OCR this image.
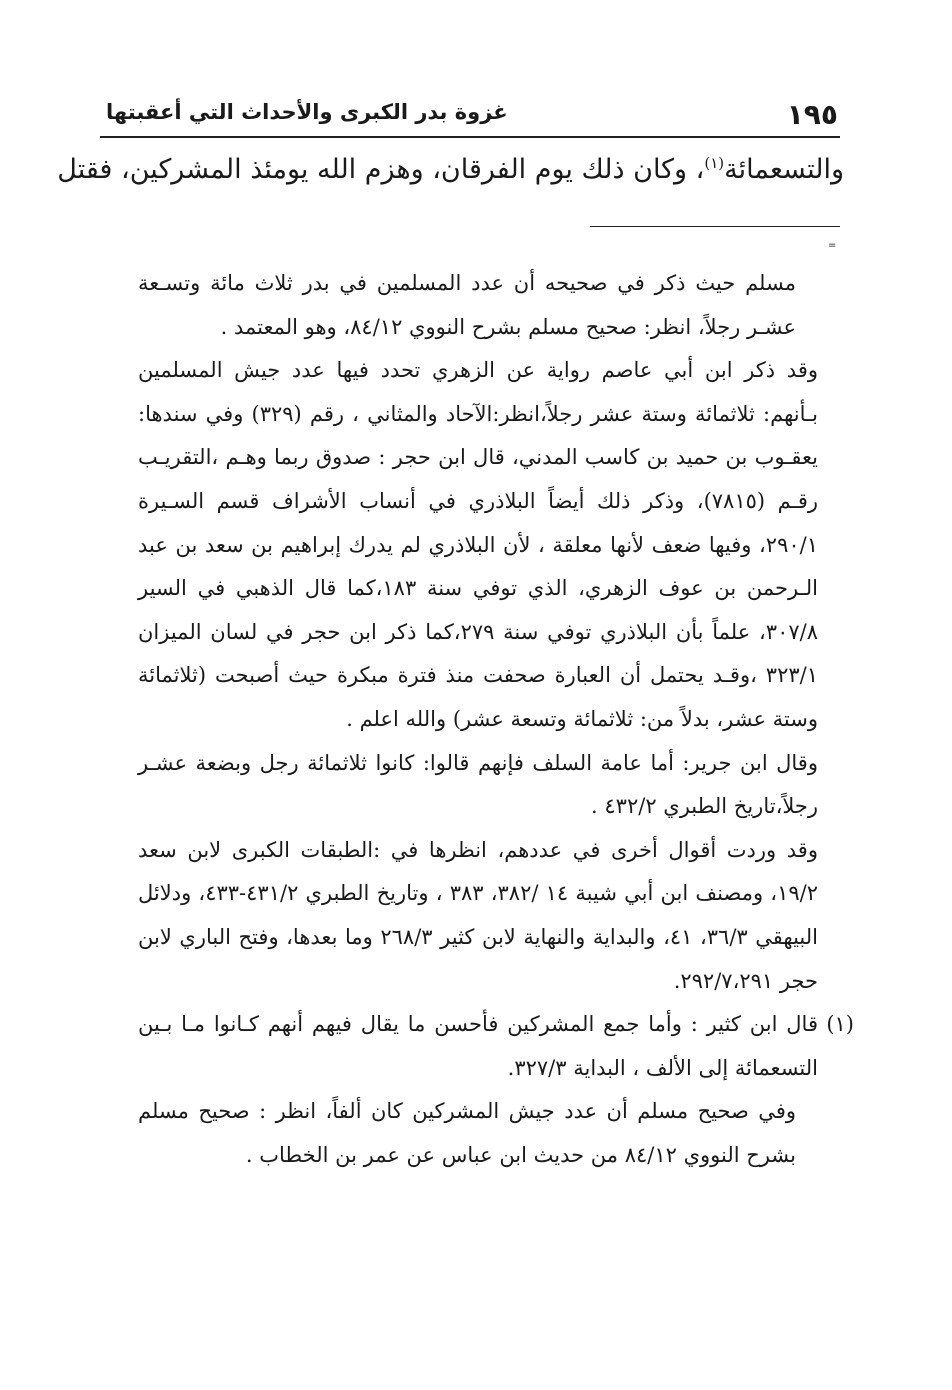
١٩٥
غزوة بدر الكبرى والأحداث التي أعقبتها
والتسعمائة$^{(١)}$، وكان ذلك يوم الفرقان، وهزم الله يومئذ المشركين، فقتل
=

مسلم حيث ذكر في صحيحه أن عدد المسلمين في بدر ثلاث مائة وتسـعة عشـر رجلاً، انظر: صحيح مسلم بشرح النووي ٨٤/١٢، وهو المعتمد .

وقد ذكر ابن أبي عاصم رواية عن الزهري تحدد فيها عدد جيش المسلمين بـأنهم: ثلاثمائة وستة عشر رجلاً،انظر:الآحاد والمثاني ، رقم (٣٢٩) وفي سندها: يعقـوب بن حميد بن كاسب المدني، قال ابن حجر : صدوق ربما وهـم ،التقريـب رقـم (٧٨١٥)، وذكر ذلك أيضاً البلاذري في أنساب الأشراف قسم السـيرة ٢٩٠/١، وفيها ضعف لأنها معلقة ، لأن البلاذري لم يدرك إبراهيم بن سعد بن عبد الـرحمن بن عوف الزهري، الذي توفي سنة ١٨٣،كما قال الذهبي في السير ٣٠٧/٨، علماً بأن البلاذري توفي سنة ٢٧٩،كما ذكر ابن حجر في لسان الميزان ٣٢٣/١ ،وقـد يحتمل أن العبارة صحفت منذ فترة مبكرة حيث أصبحت (ثلاثمائة وستة عشر، بدلاً من: ثلاثمائة وتسعة عشر) والله اعلم .

وقال ابن جرير: أما عامة السلف فإنهم قالوا: كانوا ثلاثمائة رجل وبضعة عشـر رجلاً،تاريخ الطبري ٤٣٢/٢ .

وقد وردت أقوال أخرى في عددهم، انظرها في :الطبقات الكبرى لابن سعد ١٩/٢، ومصنف ابن أبي شيبة ١٤ /٣٨٢، ٣٨٣ ، وتاريخ الطبري ٤٣١/٢-٤٣٣، ودلائل البيهقي ٣٦/٣، ٤١، والبداية والنهاية لابن كثير ٢٦٨/٣ وما بعدها، وفتح الباري لابن حجر ٢٩٢/٧،٢٩١.

(١)
قال ابن كثير : وأما جمع المشركين فأحسن ما يقال فيهم أنهم كـانوا مـا بـين التسعمائة إلى الألف ، البداية ٣٢٧/٣.

وفي صحيح مسلم أن عدد جيش المشركين كان ألفاً، انظر : صحيح مسلم بشرح النووي ٨٤/١٢ من حديث ابن عباس عن عمر بن الخطاب .
